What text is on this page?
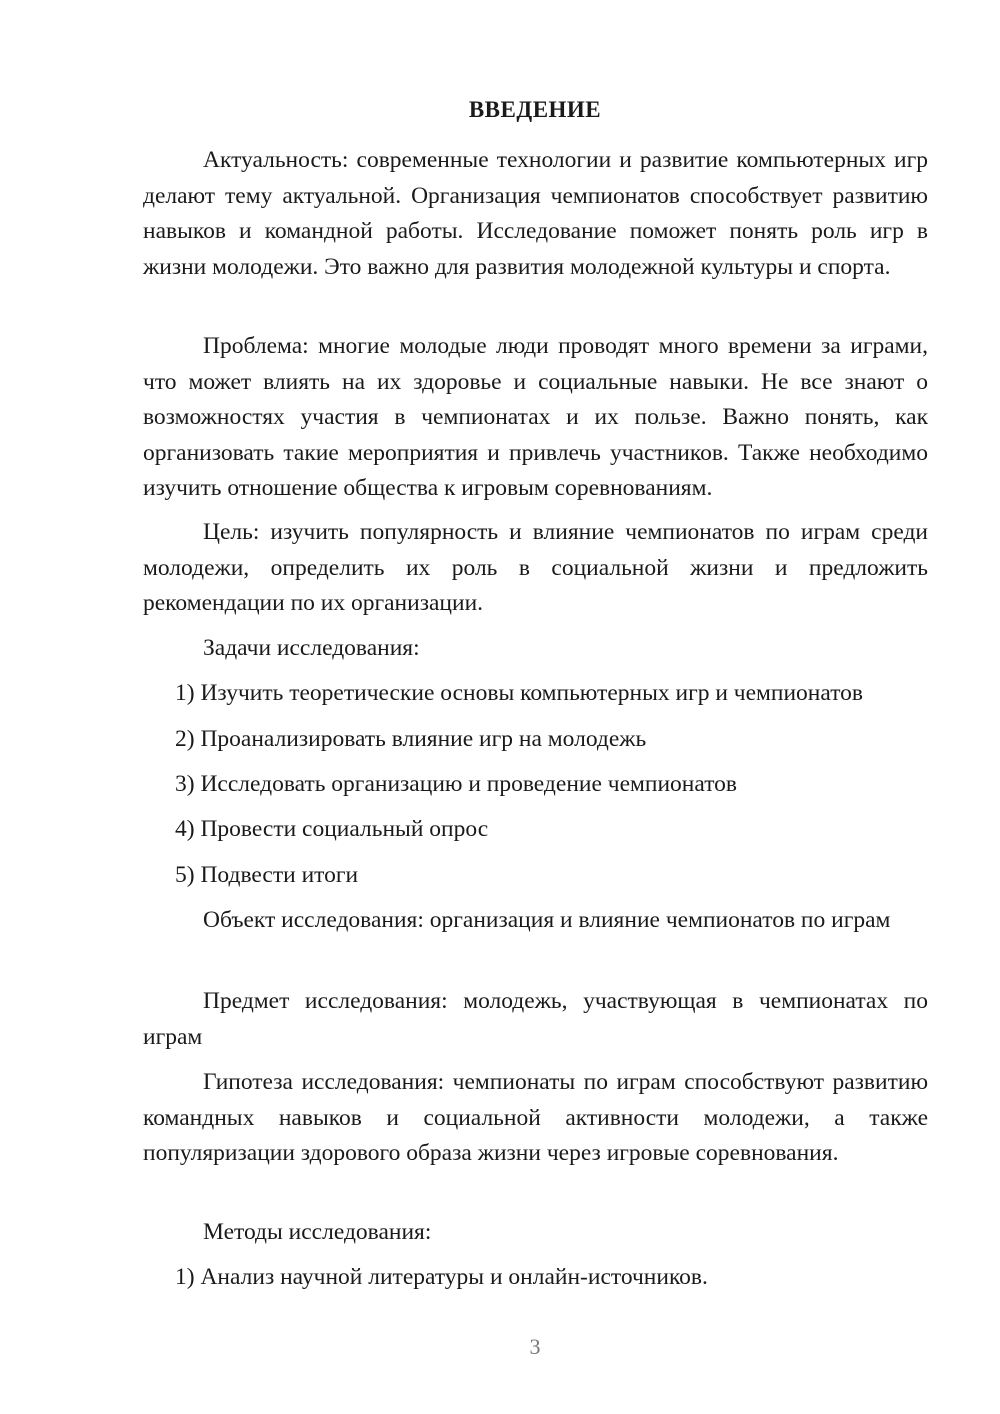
ВВЕДЕНИЕ

Актуальность: современные технологии и развитие компьютерных игр делают тему актуальной. Организация чемпионатов способствует развитию навыков и командной работы. Исследование поможет понять роль игр в жизни молодежи. Это важно для развития молодежной культуры и спорта.

Проблема: многие молодые люди проводят много времени за играми, что может влиять на их здоровье и социальные навыки. Не все знают о возможностях участия в чемпионатах и их пользе. Важно понять, как организовать такие мероприятия и привлечь участников. Также необходимо изучить отношение общества к игровым соревнованиям.

Цель: изучить популярность и влияние чемпионатов по играм среди молодежи, определить их роль в социальной жизни и предложить рекомендации по их организации.

Задачи исследования:

1) Изучить теоретические основы компьютерных игр и чемпионатов

2) Проанализировать влияние игр на молодежь

3) Исследовать организацию и проведение чемпионатов

4) Провести социальный опрос

5) Подвести итоги

Объект исследования: организация и влияние чемпионатов по играм

Предмет исследования: молодежь, участвующая в чемпионатах по играм

Гипотеза исследования: чемпионаты по играм способствуют развитию командных навыков и социальной активности молодежи, а также популяризации здорового образа жизни через игровые соревнования.

Методы исследования:

1) Анализ научной литературы и онлайн-источников.

3
